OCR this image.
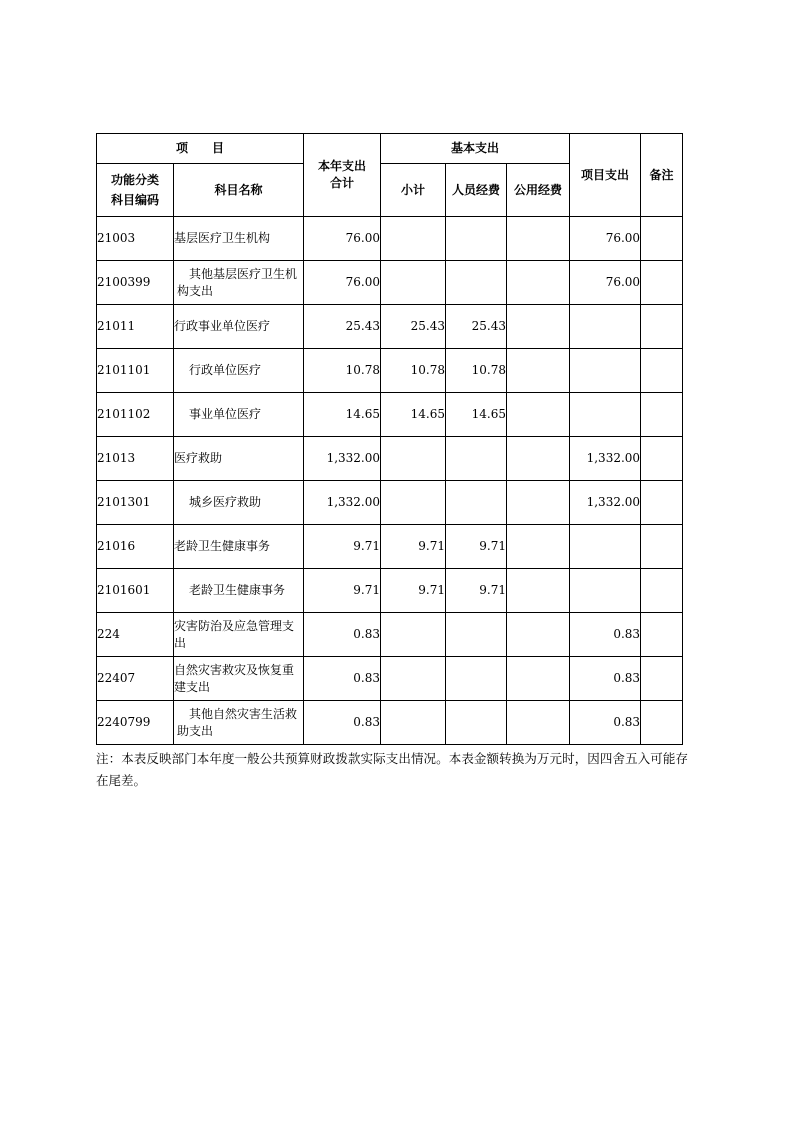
项　　目		本年支出合计	基本支出			项目支出	备注

功能分类科目编码	科目名称		小计	人员经费	公用经费		
21003	基层医疗卫生机构	76.00				76.00	
2100399	其他基层医疗卫生机构支出	76.00				76.00	
21011	行政事业单位医疗	25.43	25.43	25.43			
2101101	行政单位医疗	10.78	10.78	10.78			
2101102	事业单位医疗	14.65	14.65	14.65			
21013	医疗救助	1,332.00				1,332.00	
2101301	城乡医疗救助	1,332.00				1,332.00	
21016	老龄卫生健康事务	9.71	9.71	9.71			
2101601	老龄卫生健康事务	9.71	9.71	9.71			
224	灾害防治及应急管理支出	0.83				0.83	
22407	自然灾害救灾及恢复重建支出	0.83				0.83	
2240799	其他自然灾害生活救助支出	0.83				0.83	
注：本表反映部门本年度一般公共预算财政拨款实际支出情况。本表金额转换为万元时，因四舍五入可能存在尾差。
